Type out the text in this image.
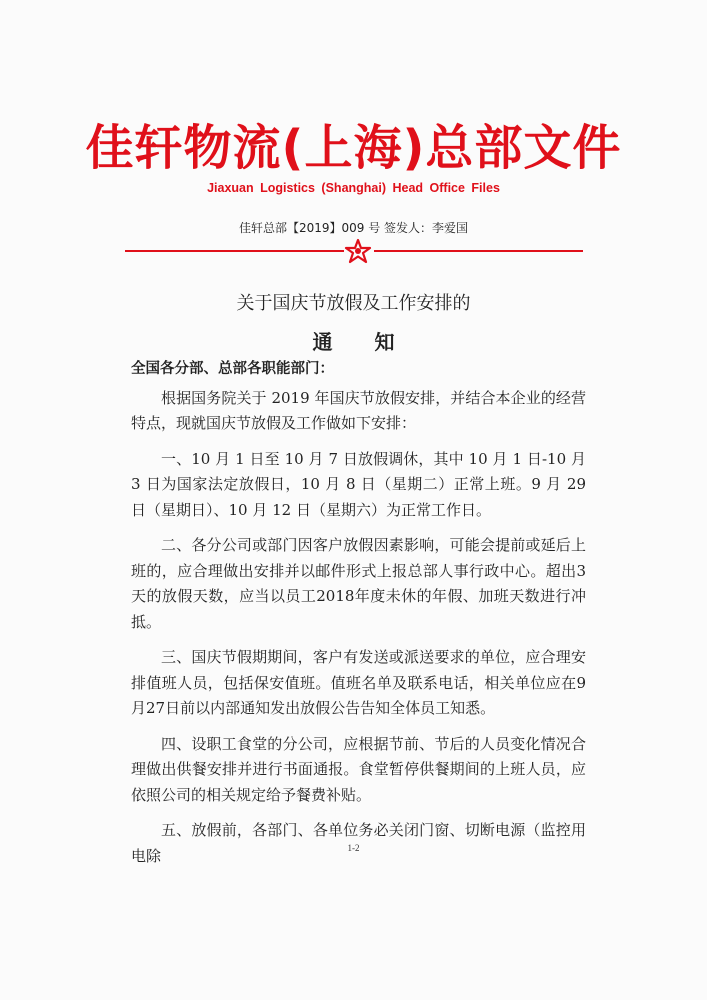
佳轩物流(上海)总部文件
Jiaxuan Logistics (Shanghai) Head Office Files
佳轩总部【2019】009 号 签发人：李爱国
关于国庆节放假及工作安排的
通 知

全国各分部、总部各职能部门：

根据国务院关于 2019 年国庆节放假安排，并结合本企业的经营特点，现就国庆节放假及工作做如下安排：

一、10 月 1 日至 10 月 7 日放假调休，其中 10 月 1 日-10 月 3 日为国家法定放假日，10 月 8 日（星期二）正常上班。9 月 29 日（星期日）、10 月 12 日（星期六）为正常工作日。

二、各分公司或部门因客户放假因素影响，可能会提前或延后上班的，应合理做出安排并以邮件形式上报总部人事行政中心。超出3天的放假天数，应当以员工2018年度未休的年假、加班天数进行冲抵。

三、国庆节假期期间，客户有发送或派送要求的单位，应合理安排值班人员，包括保安值班。值班名单及联系电话，相关单位应在9月27日前以内部通知发出放假公告告知全体员工知悉。

四、设职工食堂的分公司，应根据节前、节后的人员变化情况合理做出供餐安排并进行书面通报。食堂暂停供餐期间的上班人员，应依照公司的相关规定给予餐费补贴。

五、放假前，各部门、各单位务必关闭门窗、切断电源（监控用电除	1-2
